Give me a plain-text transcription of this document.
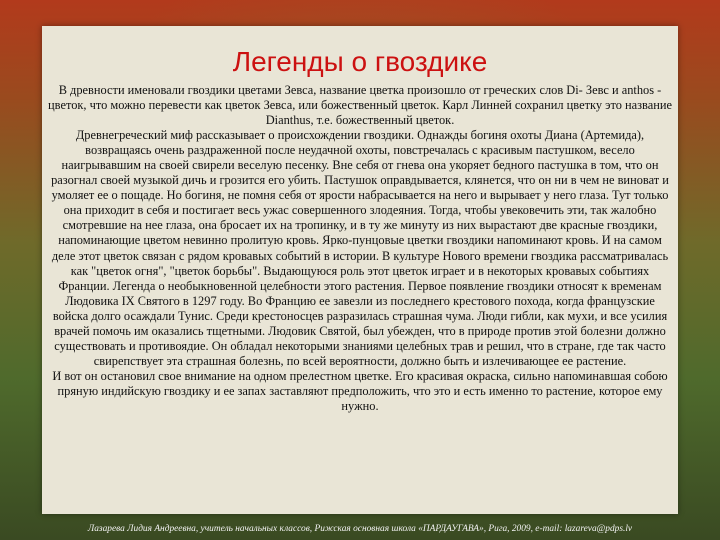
Легенды о гвоздике

В древности именовали гвоздики цветами Зевса, название цветка произошло от греческих слов Di- Зевс и anthos - цветок, что можно перевести как цветок Зевса, или божественный цветок. Карл Линней сохранил цветку это название Dianthus, т.е. божественный цветок.

Древнегреческий миф рассказывает о происхождении гвоздики. Однажды богиня охоты Диана (Артемида), возвращаясь очень раздраженной после неудачной охоты, повстречалась с красивым пастушком, весело наигрывавшим на своей свирели веселую песенку. Вне себя от гнева она укоряет бедного пастушка в том, что он разогнал своей музыкой дичь и грозится его убить. Пастушок оправдывается, клянется, что он ни в чем не виноват и умоляет ее о пощаде. Но богиня, не помня себя от ярости набрасывается на него и вырывает у него глаза. Тут только она приходит в себя и постигает весь ужас совершенного злодеяния. Тогда, чтобы увековечить эти, так жалобно смотревшие на нее глаза, она бросает их на тропинку, и в ту же минуту из них вырастают две красные гвоздики, напоминающие цветом невинно пролитую кровь. Ярко-пунцовые цветки гвоздики напоминают кровь. И на самом деле этот цветок связан с рядом кровавых событий в истории. В культуре Нового времени гвоздика рассматривалась как "цветок огня", "цветок борьбы". Выдающуюся роль этот цветок играет и в некоторых кровавых событиях Франции. Легенда о необыкновенной целебности этого растения. Первое появление гвоздики относят к временам Людовика IX Святого в 1297 году. Во Францию ее завезли из последнего крестового похода, когда французские войска долго осаждали Тунис. Среди крестоносцев разразилась страшная чума. Люди гибли, как мухи, и все усилия врачей помочь им оказались тщетными. Людовик Святой, был убежден, что в природе против этой болезни должно существовать и противоядие. Он обладал некоторыми знаниями целебных трав и решил, что в стране, где так часто свирепствует эта страшная болезнь, по всей вероятности, должно быть и излечивающее ее растение.

И вот он остановил свое внимание на одном прелестном цветке. Его красивая окраска, сильно напоминавшая собою пряную индийскую гвоздику и ее запах заставляют предположить, что это и есть именно то растение, которое ему нужно.

Лазарева Лидия Андреевна, учитель начальных классов, Рижская основная школа «ПАРДАУГАВА», Рига, 2009, e-mail: lazareva@pdps.lv
